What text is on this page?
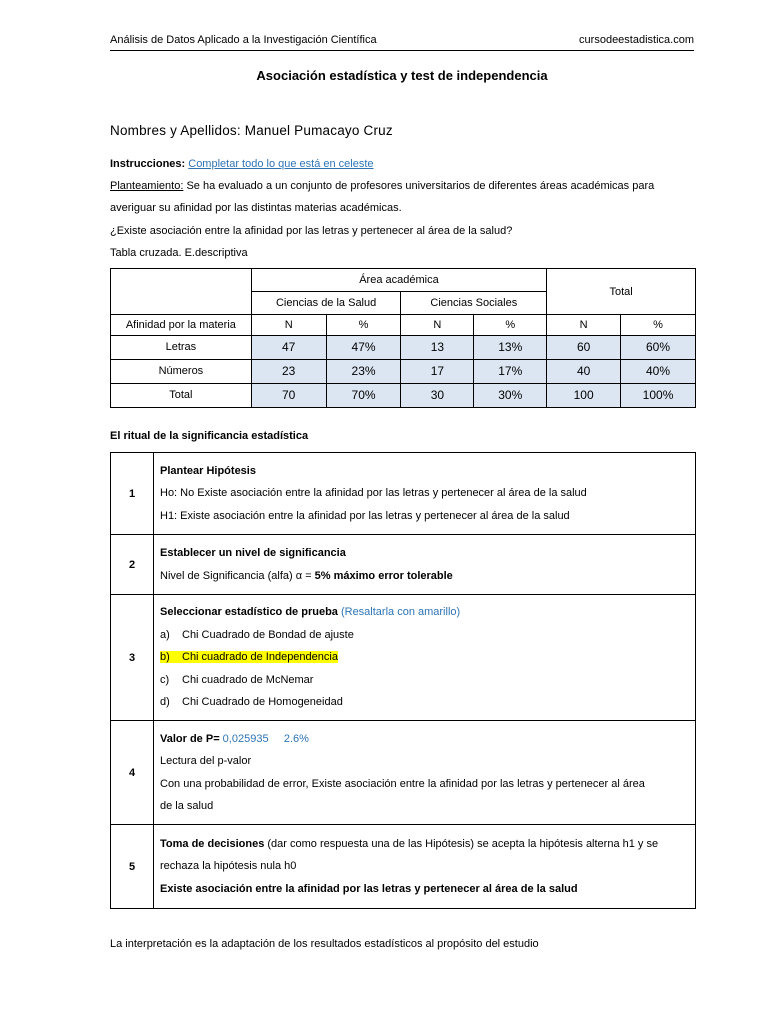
Análisis de Datos Aplicado a la Investigación Científica	cursodeestadistica.com
Asociación estadística y test de independencia
Nombres y Apellidos: Manuel Pumacayo Cruz
Instrucciones: Completar todo lo que está en celeste
Planteamiento: Se ha evaluado a un conjunto de profesores universitarios de diferentes áreas académicas para
averiguar su afinidad por las distintas materias académicas.
¿Existe asociación entre la afinidad por las letras y pertenecer al área de la salud?
Tabla cruzada. E.descriptiva
	Área académica				Total	
	Ciencias de la Salud		Ciencias Sociales			
Afinidad por la materia	N	%	N	%	N	%
Letras	47	47%	13	13%	60	60%
Números	23	23%	17	17%	40	40%
Total	70	70%	30	30%	100	100%
El ritual de la significancia estadística
1	Plantear Hipótesis
Ho: No Existe asociación entre la afinidad por las letras y pertenecer al área de la salud
H1: Existe asociación entre la afinidad por las letras y pertenecer al área de la salud

2	Establecer un nivel de significancia
Nivel de Significancia (alfa) α = 5% máximo error tolerable

3	Seleccionar estadístico de prueba (Resaltarla con amarillo)
a) Chi Cuadrado de Bondad de ajuste
b) Chi cuadrado de Independencia
c) Chi cuadrado de McNemar
d) Chi Cuadrado de Homogeneidad

4	Valor de P= 0,025935     2.6%
Lectura del p-valor
Con una probabilidad de error, Existe asociación entre la afinidad por las letras y pertenecer al área
de la salud

5	Toma de decisiones (dar como respuesta una de las Hipótesis) se acepta la hipótesis alterna h1 y se
rechaza la hipótesis nula h0
Existe asociación entre la afinidad por las letras y pertenecer al área de la salud
La interpretación es la adaptación de los resultados estadísticos al propósito del estudio
